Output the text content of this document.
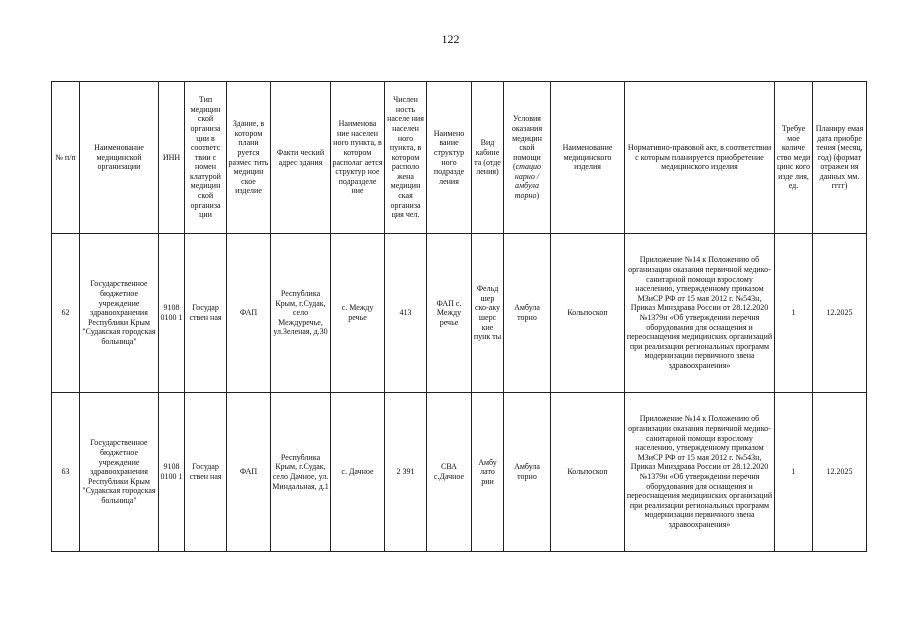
122
№ п/п	Наименование медицинской организации	ИНН	Тип медицин ской организа ции в соответс твии с номен клатурой медицин ской организа ции	Здание, в котором плани руется размес тить медицин ское изделие	Факти ческий адрес здания	Наименова ние населен ного пункта, в котором располаг ается структур ное подразделе ние	Числен ность населе ния населен ного пункта, в котором располо жена медицин ская организа ция чел.	Наимено вание структур ного подразде ления	Вид кабине та (отде ления)	Условия оказания медицин ской помощи (стацио нарно / амбула торно)	Наименование медицинского изделия	Нормативно-правовой акт, в соответствии с которым планируется приобретение медицинского изделия	Требуе мое количе ство меди цинс кого изде лия, ед.	Планиру емая дата приобре тения (месяц, год) (формат отражен ия данных мм. гггг)
62	Государственное бюджетное учреждение здравоохранения Республики Крым "Судакская городская больница"	9108 0100 1	Государ ствен ная	ФАП	Республика Крым, г.Судак, село Междуречье, ул.Зеленая, д.30	с. Между речье	413	ФАП с. Между речье	Фельд шер ско-аку шерс кие пунк ты	Амбула торно	Кольпоскоп	Приложение №14 к Положению об организации оказания первичной медико-санитарной помощи взрослому населению, утвержденному приказом МЗиСР РФ от 15 мая 2012 г. №543н, Приказ Минздрава России от 28.12.2020 №1379н «Об утверждении перечня оборудования для оснащения и переоснащения медицинских организаций при реализации региональных программ модернизации первичного звена здравоохранения»	1	12.2025
63	Государственное бюджетное учреждение здравоохранения Республики Крым "Судакская городская больница"	9108 0100 1	Государ ствен ная	ФАП	Республика Крым, г.Судак, село Дачное, ул. Миндальная, д.1	с. Дачное	2 391	СВА с.Дачное	Амбу лато рии	Амбула торно	Кольпоскоп	Приложение №14 к Положению об организации оказания первичной медико-санитарной помощи взрослому населению, утвержденному приказом МЗиСР РФ от 15 мая 2012 г. №543н, Приказ Минздрава России от 28.12.2020 №1379н «Об утверждении перечня оборудования для оснащения и переоснащения медицинских организаций при реализации региональных программ модернизации первичного звена здравоохранения»	1	12.2025
